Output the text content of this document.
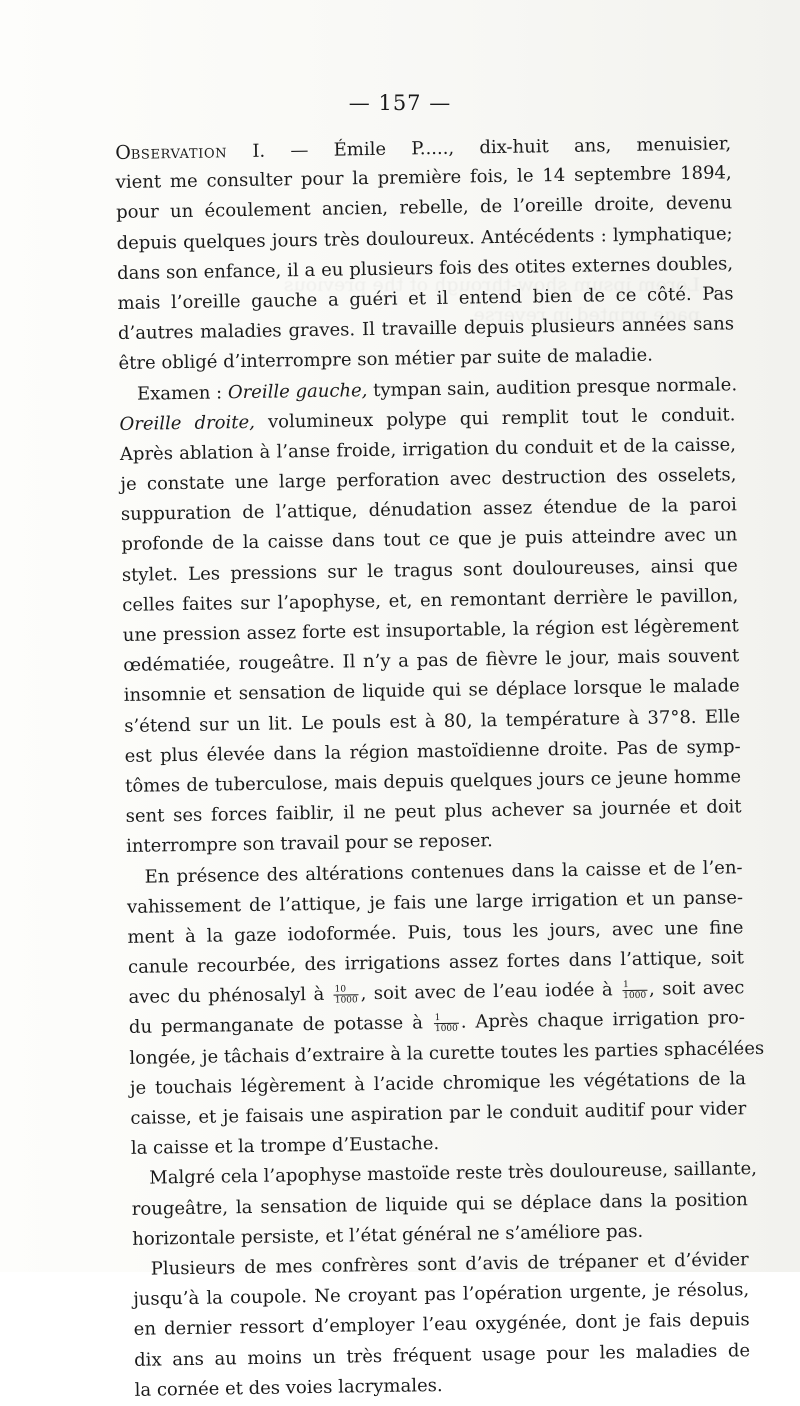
— 157 —
OBSERVATION I. — Émile P....., dix-huit ans, menuisier,
vient me consulter pour la première fois, le 14 septembre 1894,
pour un écoulement ancien, rebelle, de l’oreille droite, devenu
depuis quelques jours très douloureux. Antécédents : lymphatique;
dans son enfance, il a eu plusieurs fois des otites externes doubles,
mais l’oreille gauche a guéri et il entend bien de ce côté. Pas
d’autres maladies graves. Il travaille depuis plusieurs années sans
être obligé d’interrompre son métier par suite de maladie.
Examen : Oreille gauche, tympan sain, audition presque normale.
Oreille droite, volumineux polype qui remplit tout le conduit.
Après ablation à l’anse froide, irrigation du conduit et de la caisse,
je constate une large perforation avec destruction des osselets,
suppuration de l’attique, dénudation assez étendue de la paroi
profonde de la caisse dans tout ce que je puis atteindre avec un
stylet. Les pressions sur le tragus sont douloureuses, ainsi que
celles faites sur l’apophyse, et, en remontant derrière le pavillon,
une pression assez forte est insuportable, la région est légèrement
œdématiée, rougeâtre. Il n’y a pas de fièvre le jour, mais souvent
insomnie et sensation de liquide qui se déplace lorsque le malade
s’étend sur un lit. Le pouls est à 80, la température à 37°8. Elle
est plus élevée dans la région mastoïdienne droite. Pas de symp-
tômes de tuberculose, mais depuis quelques jours ce jeune homme
sent ses forces faiblir, il ne peut plus achever sa journée et doit
interrompre son travail pour se reposer.
En présence des altérations contenues dans la caisse et de l’en-
vahissement de l’attique, je fais une large irrigation et un panse-
ment à la gaze iodoformée. Puis, tous les jours, avec une fine
canule recourbée, des irrigations assez fortes dans l’attique, soit
avec du phénosalyl à $\frac{10}{1000}$ , soit avec de l’eau iodée à $\frac{1}{1000}$ , soit avec
du permanganate de potasse à $\frac{1}{1000}$ . Après chaque irrigation pro-
longée, je tâchais d’extraire à la curette toutes les parties sphacélées
je touchais légèrement à l’acide chromique les végétations de la
caisse, et je faisais une aspiration par le conduit auditif pour vider
la caisse et la trompe d’Eustache.
Malgré cela l’apophyse mastoïde reste très douloureuse, saillante,
rougeâtre, la sensation de liquide qui se déplace dans la position
horizontale persiste, et l’état général ne s’améliore pas.
Plusieurs de mes confrères sont d’avis de trépaner et d’évider
jusqu’à la coupole. Ne croyant pas l’opération urgente, je résolus,
en dernier ressort d’employer l’eau oxygénée, dont je fais depuis
dix ans au moins un très fréquent usage pour les maladies de
la cornée et des voies lacrymales.
